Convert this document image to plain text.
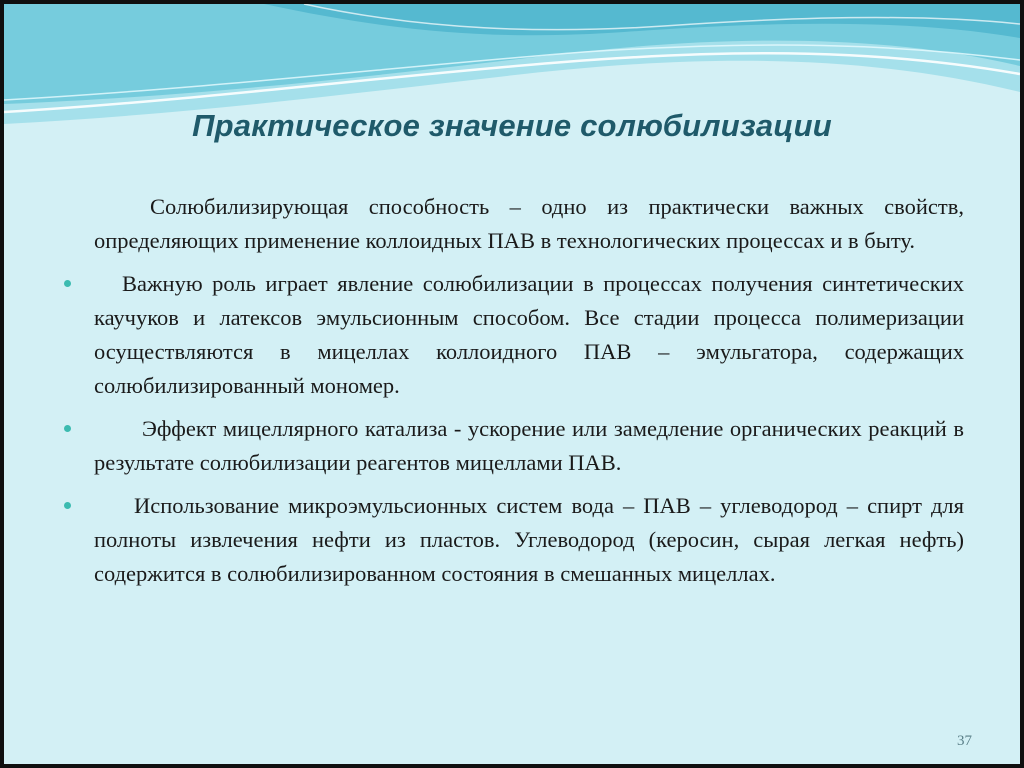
Практическое значение солюбилизации

Солюбилизирующая способность – одно из практически важных свойств, определяющих применение коллоидных ПАВ в технологических процессах и в быту.

Важную роль играет явление солюбилизации в процессах получения синтетических каучуков и латексов эмульсионным способом. Все стадии процесса полимеризации осуществляются в мицеллах коллоидного ПАВ – эмульгатора, содержащих солюбилизированный мономер.

Эффект мицеллярного катализа - ускорение или замедление органических реакций в результате солюбилизации реагентов мицеллами ПАВ.

Использование микроэмульсионных систем вода – ПАВ – углеводород – спирт для полноты извлечения нефти из пластов. Углеводород (керосин, сырая легкая нефть) содержится в солюбилизированном состояния в смешанных мицеллах.

37
